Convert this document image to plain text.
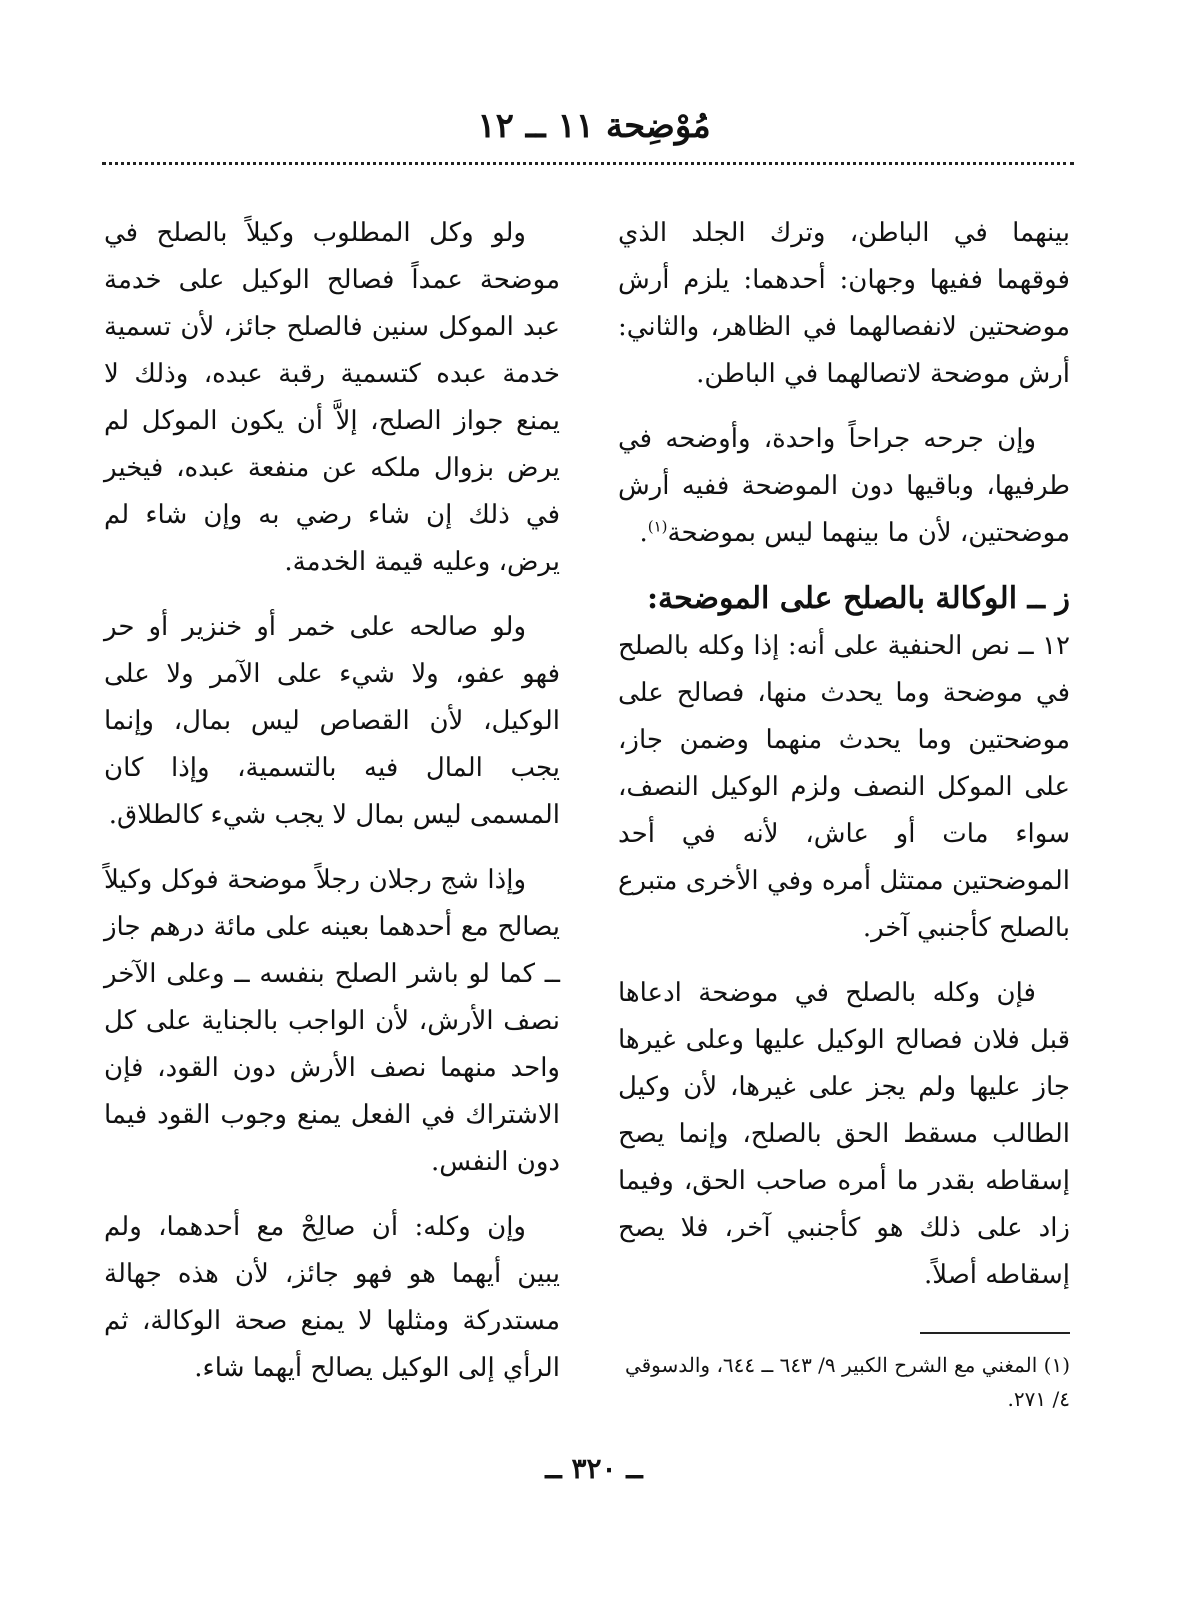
مُوْضِحة ١١ ــ ١٢

بينهما في الباطن، وترك الجلد الذي فوقهما ففيها وجهان: أحدهما: يلزم أرش موضحتين لانفصالهما في الظاهر، والثاني: أرش موضحة لاتصالهما في الباطن.

وإن جرحه جراحاً واحدة، وأوضحه في طرفيها، وباقيها دون الموضحة ففيه أرش موضحتين، لأن ما بينهما ليس بموضحة$^{(١)}$.

ز ــ الوكالة بالصلح على الموضحة:

١٢ ــ نص الحنفية على أنه: إذا وكله بالصلح في موضحة وما يحدث منها، فصالح على موضحتين وما يحدث منهما وضمن جاز، على الموكل النصف ولزم الوكيل النصف، سواء مات أو عاش، لأنه في أحد الموضحتين ممتثل أمره وفي الأخرى متبرع بالصلح كأجنبي آخر.

فإن وكله بالصلح في موضحة ادعاها قبل فلان فصالح الوكيل عليها وعلى غيرها جاز عليها ولم يجز على غيرها، لأن وكيل الطالب مسقط الحق بالصلح، وإنما يصح إسقاطه بقدر ما أمره صاحب الحق، وفيما زاد على ذلك هو كأجنبي آخر، فلا يصح إسقاطه أصلاً.

ولو وكل المطلوب وكيلاً بالصلح في موضحة عمداً فصالح الوكيل على خدمة عبد الموكل سنين فالصلح جائز، لأن تسمية خدمة عبده كتسمية رقبة عبده، وذلك لا يمنع جواز الصلح، إلاَّ أن يكون الموكل لم يرض بزوال ملكه عن منفعة عبده، فيخير في ذلك إن شاء رضي به وإن شاء لم يرض، وعليه قيمة الخدمة.

ولو صالحه على خمر أو خنزير أو حر فهو عفو، ولا شيء على الآمر ولا على الوكيل، لأن القصاص ليس بمال، وإنما يجب المال فيه بالتسمية، وإذا كان المسمى ليس بمال لا يجب شيء كالطلاق.

وإذا شج رجلان رجلاً موضحة فوكل وكيلاً يصالح مع أحدهما بعينه على مائة درهم جاز ــ كما لو باشر الصلح بنفسه ــ وعلى الآخر نصف الأرش، لأن الواجب بالجناية على كل واحد منهما نصف الأرش دون القود، فإن الاشتراك في الفعل يمنع وجوب القود فيما دون النفس.

وإن وكله: أن صالِحْ مع أحدهما، ولم يبين أيهما هو فهو جائز، لأن هذه جهالة مستدركة ومثلها لا يمنع صحة الوكالة، ثم الرأي إلى الوكيل يصالح أيهما شاء.	(١) المغني مع الشرح الكبير ٩/ ٦٤٣ ــ ٦٤٤، والدسوقي ٤/ ٢٧١.
ــ ٣٢٠ ــ
